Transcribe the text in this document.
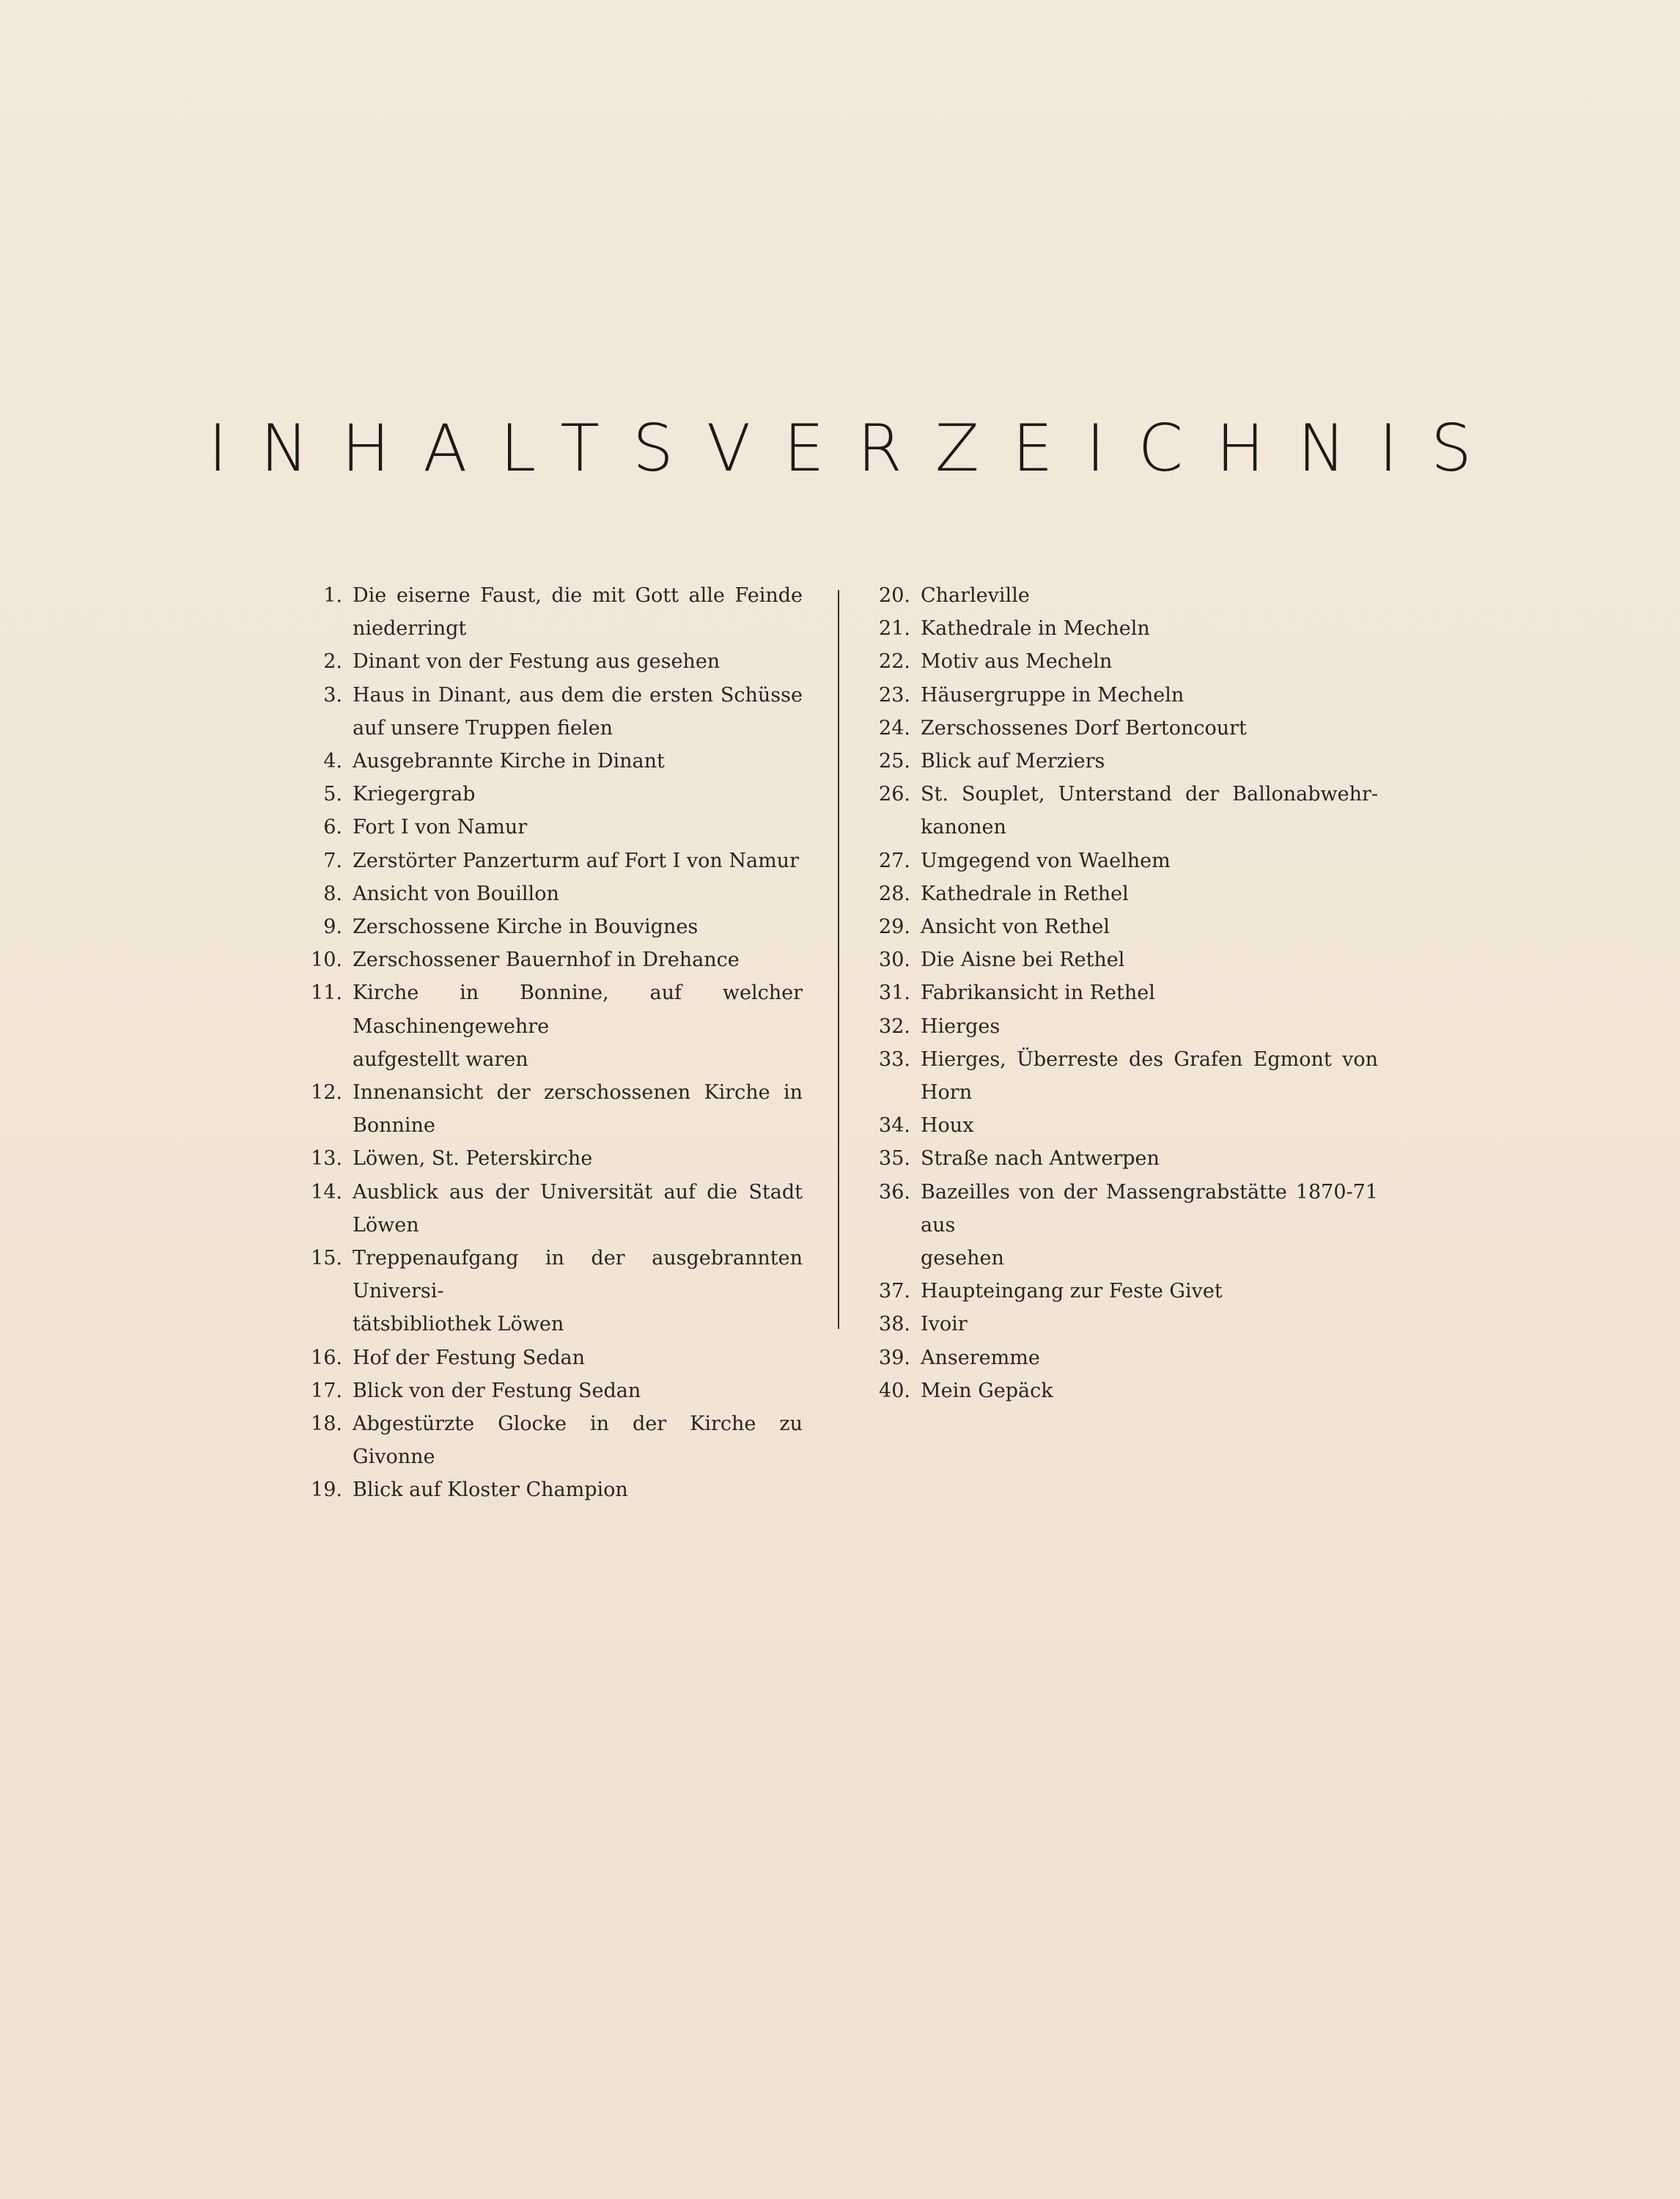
INHALTSVERZEICHNIS
1. Die eiserne Faust, die mit Gott alle Feinde
niederringt
2. Dinant von der Festung aus gesehen
3. Haus in Dinant, aus dem die ersten Schüsse
auf unsere Truppen fielen
4. Ausgebrannte Kirche in Dinant
5. Kriegergrab
6. Fort I von Namur
7. Zerstörter Panzerturm auf Fort I von Namur
8. Ansicht von Bouillon
9. Zerschossene Kirche in Bouvignes
10. Zerschossener Bauernhof in Drehance
11. Kirche in Bonnine, auf welcher Maschinengewehre
aufgestellt waren
12. Innenansicht der zerschossenen Kirche in Bonnine
13. Löwen, St. Peterskirche
14. Ausblick aus der Universität auf die Stadt Löwen
15. Treppenaufgang in der ausgebrannten Universi-
tätsbibliothek Löwen
16. Hof der Festung Sedan
17. Blick von der Festung Sedan
18. Abgestürzte Glocke in der Kirche zu Givonne
19. Blick auf Kloster Champion
20. Charleville
21. Kathedrale in Mecheln
22. Motiv aus Mecheln
23. Häusergruppe in Mecheln
24. Zerschossenes Dorf Bertoncourt
25. Blick auf Merziers
26. St. Souplet, Unterstand der Ballonabwehr-
kanonen
27. Umgegend von Waelhem
28. Kathedrale in Rethel
29. Ansicht von Rethel
30. Die Aisne bei Rethel
31. Fabrikansicht in Rethel
32. Hierges
33. Hierges, Überreste des Grafen Egmont von Horn
34. Houx
35. Straße nach Antwerpen
36. Bazeilles von der Massengrabstätte 1870-71 aus
gesehen
37. Haupteingang zur Feste Givet
38. Ivoir
39. Anseremme
40. Mein Gepäck
